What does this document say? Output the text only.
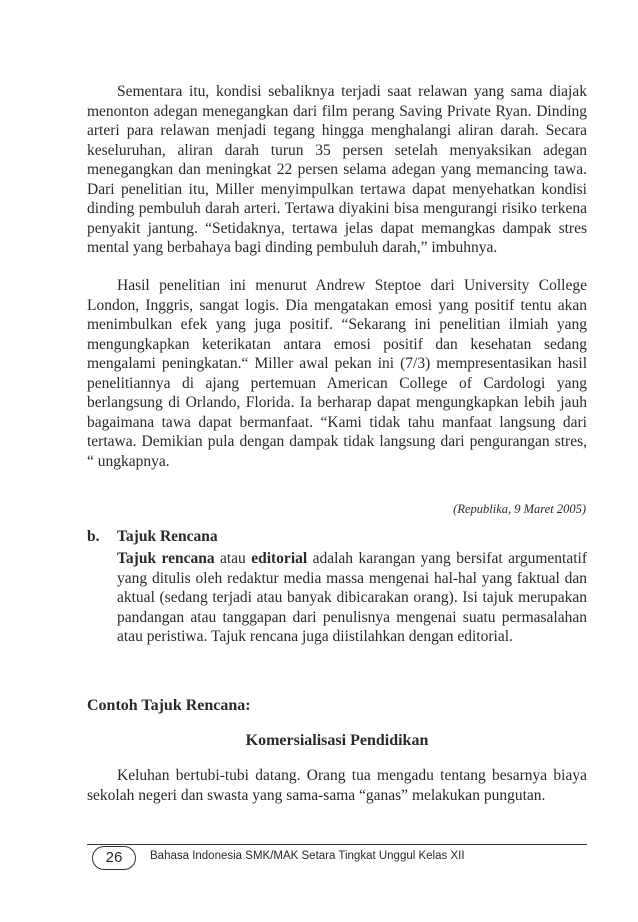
Sementara itu, kondisi sebaliknya terjadi saat relawan yang sama diajak menonton adegan menegangkan dari film perang Saving Private Ryan. Dinding arteri para relawan menjadi tegang hingga menghalangi aliran darah. Secara keseluruhan, aliran darah turun 35 persen setelah menyaksikan adegan menegangkan dan meningkat 22 persen selama adegan yang memancing tawa. Dari penelitian itu, Miller menyimpulkan tertawa dapat menyehatkan kondisi dinding pembuluh darah arteri. Tertawa diyakini bisa mengurangi risiko terkena penyakit jantung. “Setidaknya, tertawa jelas dapat memangkas dampak stres mental yang berbahaya bagi dinding pembuluh darah,” imbuhnya.

Hasil penelitian ini menurut Andrew Steptoe dari University College London, Inggris, sangat logis. Dia mengatakan emosi yang positif tentu akan menimbulkan efek yang juga positif. “Sekarang ini penelitian ilmiah yang mengungkapkan keterikatan antara emosi positif dan kesehatan sedang mengalami peningkatan.“ Miller awal pekan ini (7/3) mempresentasikan hasil penelitiannya di ajang pertemuan American College of Cardologi yang berlangsung di Orlando, Florida. Ia berharap dapat mengungkapkan lebih jauh bagaimana tawa dapat bermanfaat. “Kami tidak tahu manfaat langsung dari tertawa. Demikian pula dengan dampak tidak langsung dari pengurangan stres, “ ungkapnya.

(Republika, 9 Maret 2005)
b. Tajuk Rencana

Tajuk rencana atau editorial adalah karangan yang bersifat argumentatif yang ditulis oleh redaktur media massa mengenai hal-hal yang faktual dan aktual (sedang terjadi atau banyak dibicarakan orang). Isi tajuk merupakan pandangan atau tanggapan dari penulisnya mengenai suatu permasalahan atau peristiwa. Tajuk rencana juga diistilahkan dengan editorial.

Contoh Tajuk Rencana:
Komersialisasi Pendidikan

Keluhan bertubi-tubi datang. Orang tua mengadu tentang besarnya biaya sekolah negeri dan swasta yang sama-sama “ganas” melakukan pungutan.

26	Bahasa Indonesia SMK/MAK Setara Tingkat Unggul Kelas XII
